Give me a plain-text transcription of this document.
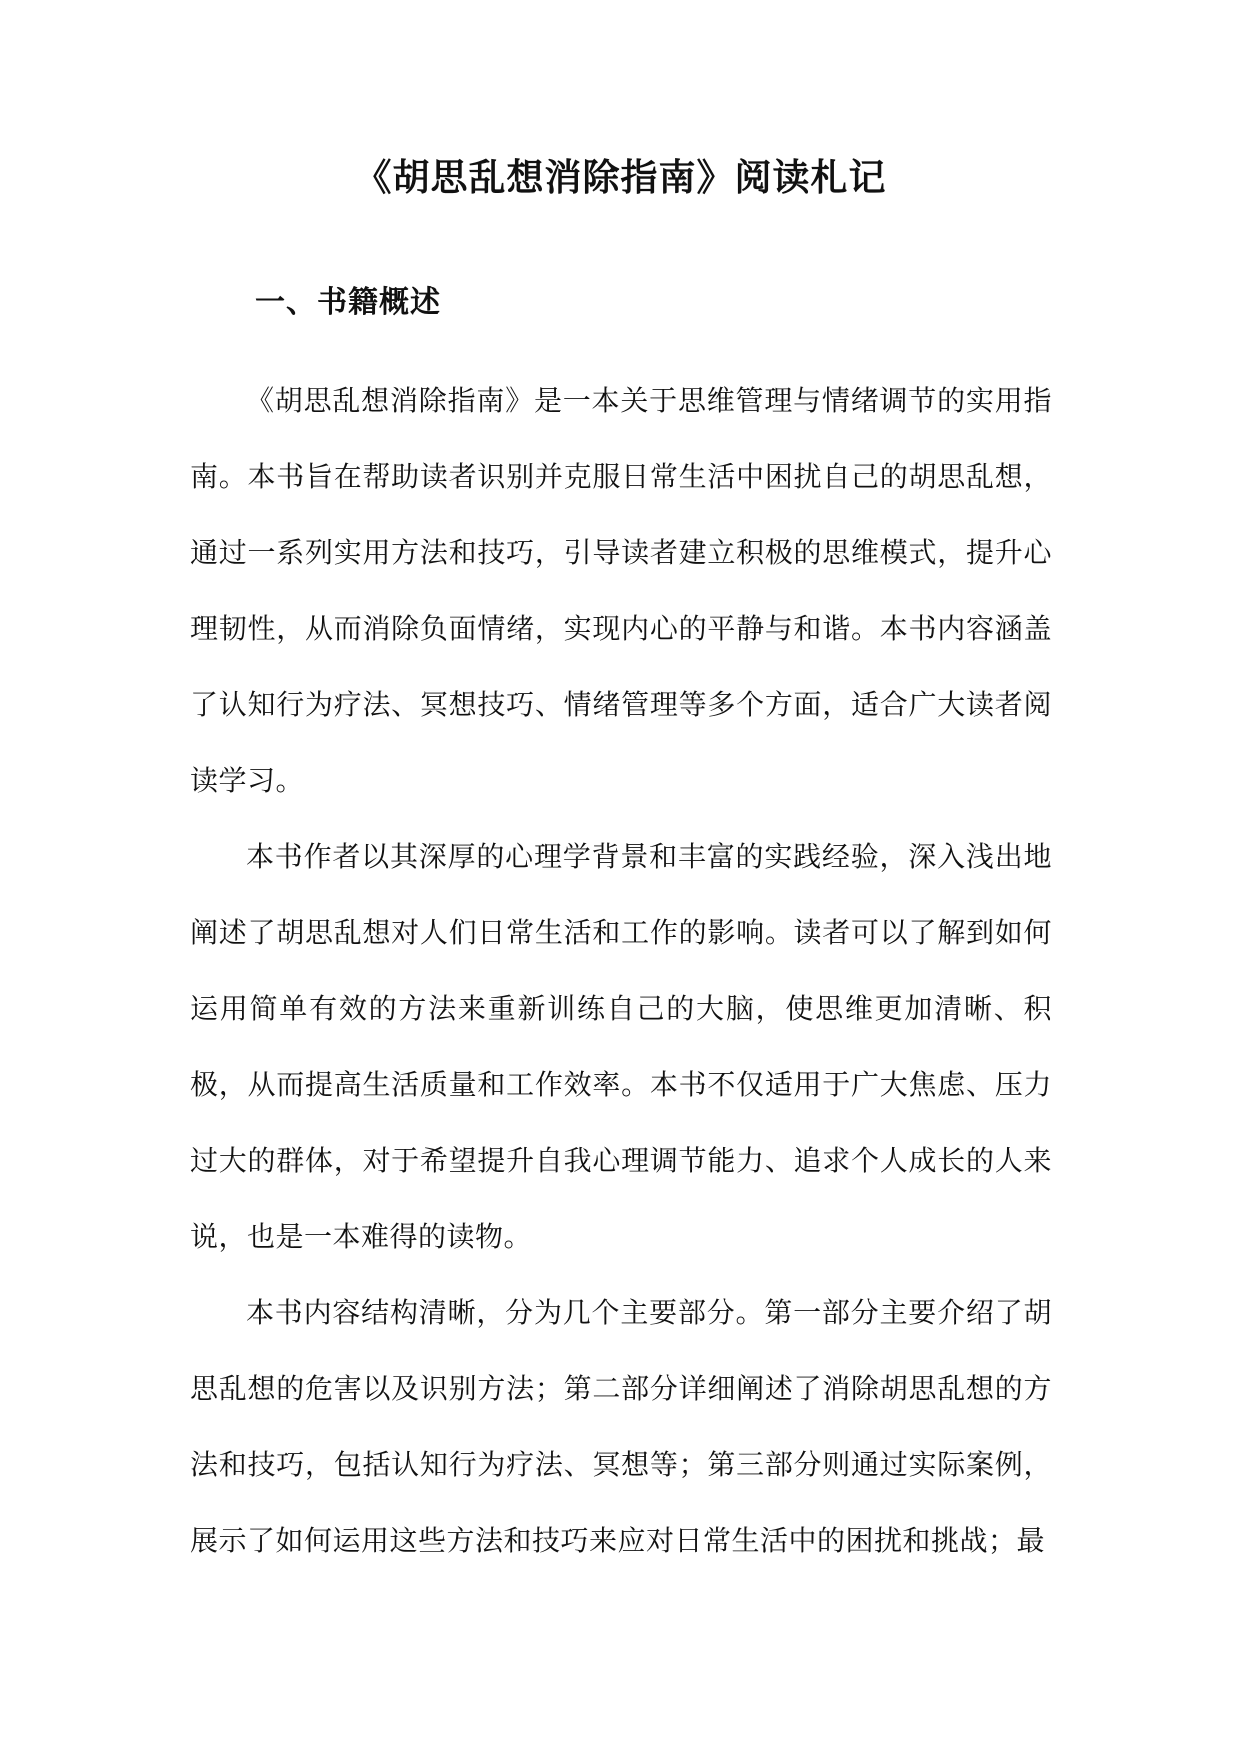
《胡思乱想消除指南》阅读札记
一、书籍概述

《胡思乱想消除指南》是一本关于思维管理与情绪调节的实用指南。本书旨在帮助读者识别并克服日常生活中困扰自己的胡思乱想，通过一系列实用方法和技巧，引导读者建立积极的思维模式，提升心理韧性，从而消除负面情绪，实现内心的平静与和谐。本书内容涵盖了认知行为疗法、冥想技巧、情绪管理等多个方面，适合广大读者阅读学习。

本书作者以其深厚的心理学背景和丰富的实践经验，深入浅出地阐述了胡思乱想对人们日常生活和工作的影响。读者可以了解到如何运用简单有效的方法来重新训练自己的大脑，使思维更加清晰、积极，从而提高生活质量和工作效率。本书不仅适用于广大焦虑、压力过大的群体，对于希望提升自我心理调节能力、追求个人成长的人来说，也是一本难得的读物。

本书内容结构清晰，分为几个主要部分。第一部分主要介绍了胡思乱想的危害以及识别方法；第二部分详细阐述了消除胡思乱想的方法和技巧，包括认知行为疗法、冥想等；第三部分则通过实际案例，展示了如何运用这些方法和技巧来应对日常生活中的困扰和挑战；最
